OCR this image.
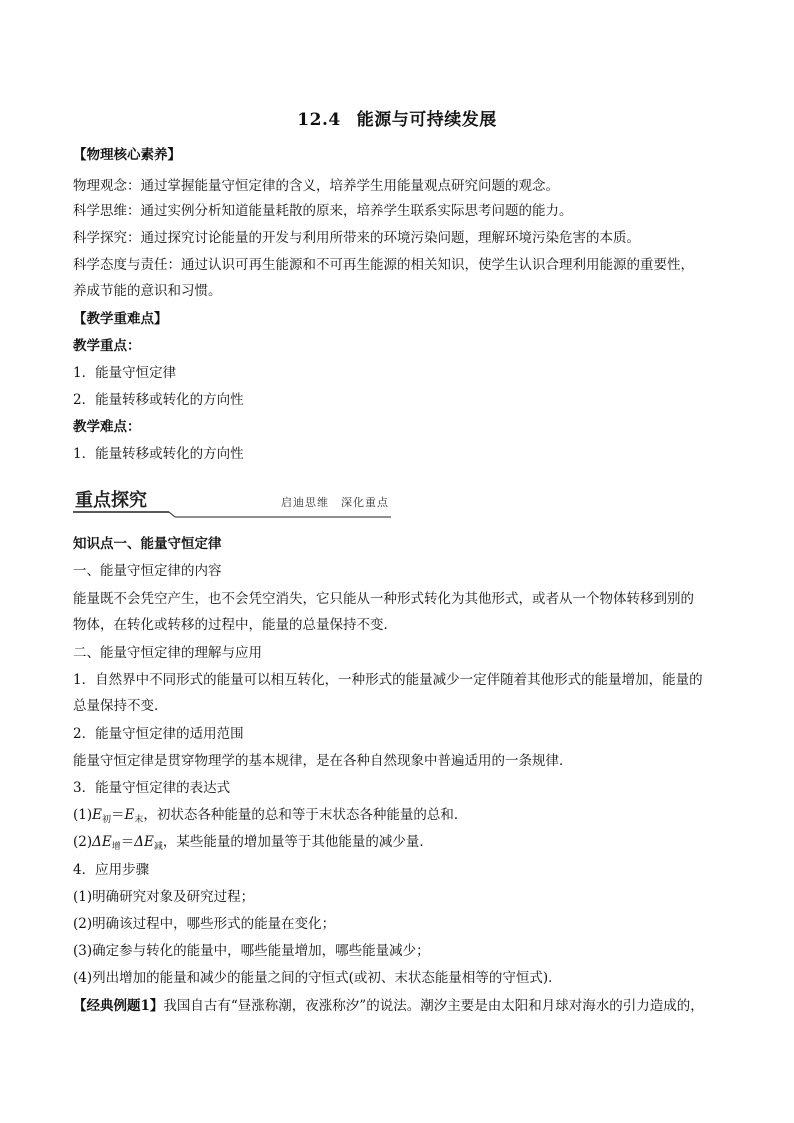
12.4 能源与可持续发展
【物理核心素养】
物理观念：通过掌握能量守恒定律的含义，培养学生用能量观点研究问题的观念。
科学思维：通过实例分析知道能量耗散的原来，培养学生联系实际思考问题的能力。
科学探究：通过探究讨论能量的开发与利用所带来的环境污染问题，理解环境污染危害的本质。
科学态度与责任：通过认识可再生能源和不可再生能源的相关知识，使学生认识合理利用能源的重要性，
养成节能的意识和习惯。
【教学重难点】
教学重点：
1．能量守恒定律
2．能量转移或转化的方向性
教学难点：
1．能量转移或转化的方向性
重点探究	启迪思维　深化重点
知识点一、能量守恒定律
一、能量守恒定律的内容
能量既不会凭空产生，也不会凭空消失，它只能从一种形式转化为其他形式，或者从一个物体转移到别的
物体，在转化或转移的过程中，能量的总量保持不变．
二、能量守恒定律的理解与应用
1．自然界中不同形式的能量可以相互转化，一种形式的能量减少一定伴随着其他形式的能量增加，能量的
总量保持不变．
2．能量守恒定律的适用范围
能量守恒定律是贯穿物理学的基本规律，是在各种自然现象中普遍适用的一条规律．
3．能量守恒定律的表达式
$(1)E_初=E_末$，初状态各种能量的总和等于末状态各种能量的总和．
$(2)\Delta E_增=\Delta E_减$，某些能量的增加量等于其他能量的减少量．
4．应用步骤
(1)明确研究对象及研究过程；
(2)明确该过程中，哪些形式的能量在变化；
(3)确定参与转化的能量中，哪些能量增加，哪些能量减少；
(4)列出增加的能量和减少的能量之间的守恒式(或初、末状态能量相等的守恒式)．
【经典例题1】我国自古有“昼涨称潮，夜涨称汐”的说法。潮汐主要是由太阳和月球对海水的引力造成的，
